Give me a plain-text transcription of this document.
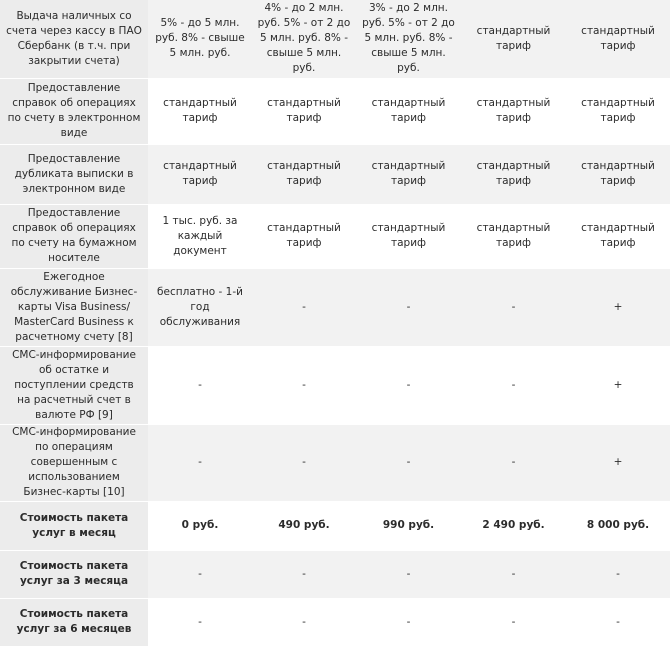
Выдача наличных со счета через кассу в ПАО Сбербанк (в т.ч. при закрытии счета)	5% - до 5 млн. руб. 8% - свыше 5 млн. руб.	4% - до 2 млн. руб. 5% - от 2 до 5 млн. руб. 8% - свыше 5 млн. руб.	3% - до 2 млн. руб. 5% - от 2 до 5 млн. руб. 8% - свыше 5 млн. руб.	стандартный тариф	стандартный тариф
Предоставление справок об операциях по счету в электронном виде	стандартный тариф	стандартный тариф	стандартный тариф	стандартный тариф	стандартный тариф
Предоставление дубликата выписки в электронном виде	стандартный тариф	стандартный тариф	стандартный тариф	стандартный тариф	стандартный тариф
Предоставление справок об операциях по счету на бумажном носителе	1 тыс. руб. за каждый документ	стандартный тариф	стандартный тариф	стандартный тариф	стандартный тариф
Ежегодное обслуживание Бизнес-карты Visa Business/ MasterCard Business к расчетному счету [8]	бесплатно - 1-й год обслуживания	-	-	-	+
СМС-информирование об остатке и поступлении средств на расчетный счет в валюте РФ [9]	-	-	-	-	+
СМС-информирование по операциям совершенным с использованием Бизнес-карты [10]	-	-	-	-	+
Стоимость пакета услуг в месяц	0 руб.	490 руб.	990 руб.	2 490 руб.	8 000 руб.
Стоимость пакета услуг за 3 месяца	-	-	-	-	-
Стоимость пакета услуг за 6 месяцев	-	-	-	-	-
